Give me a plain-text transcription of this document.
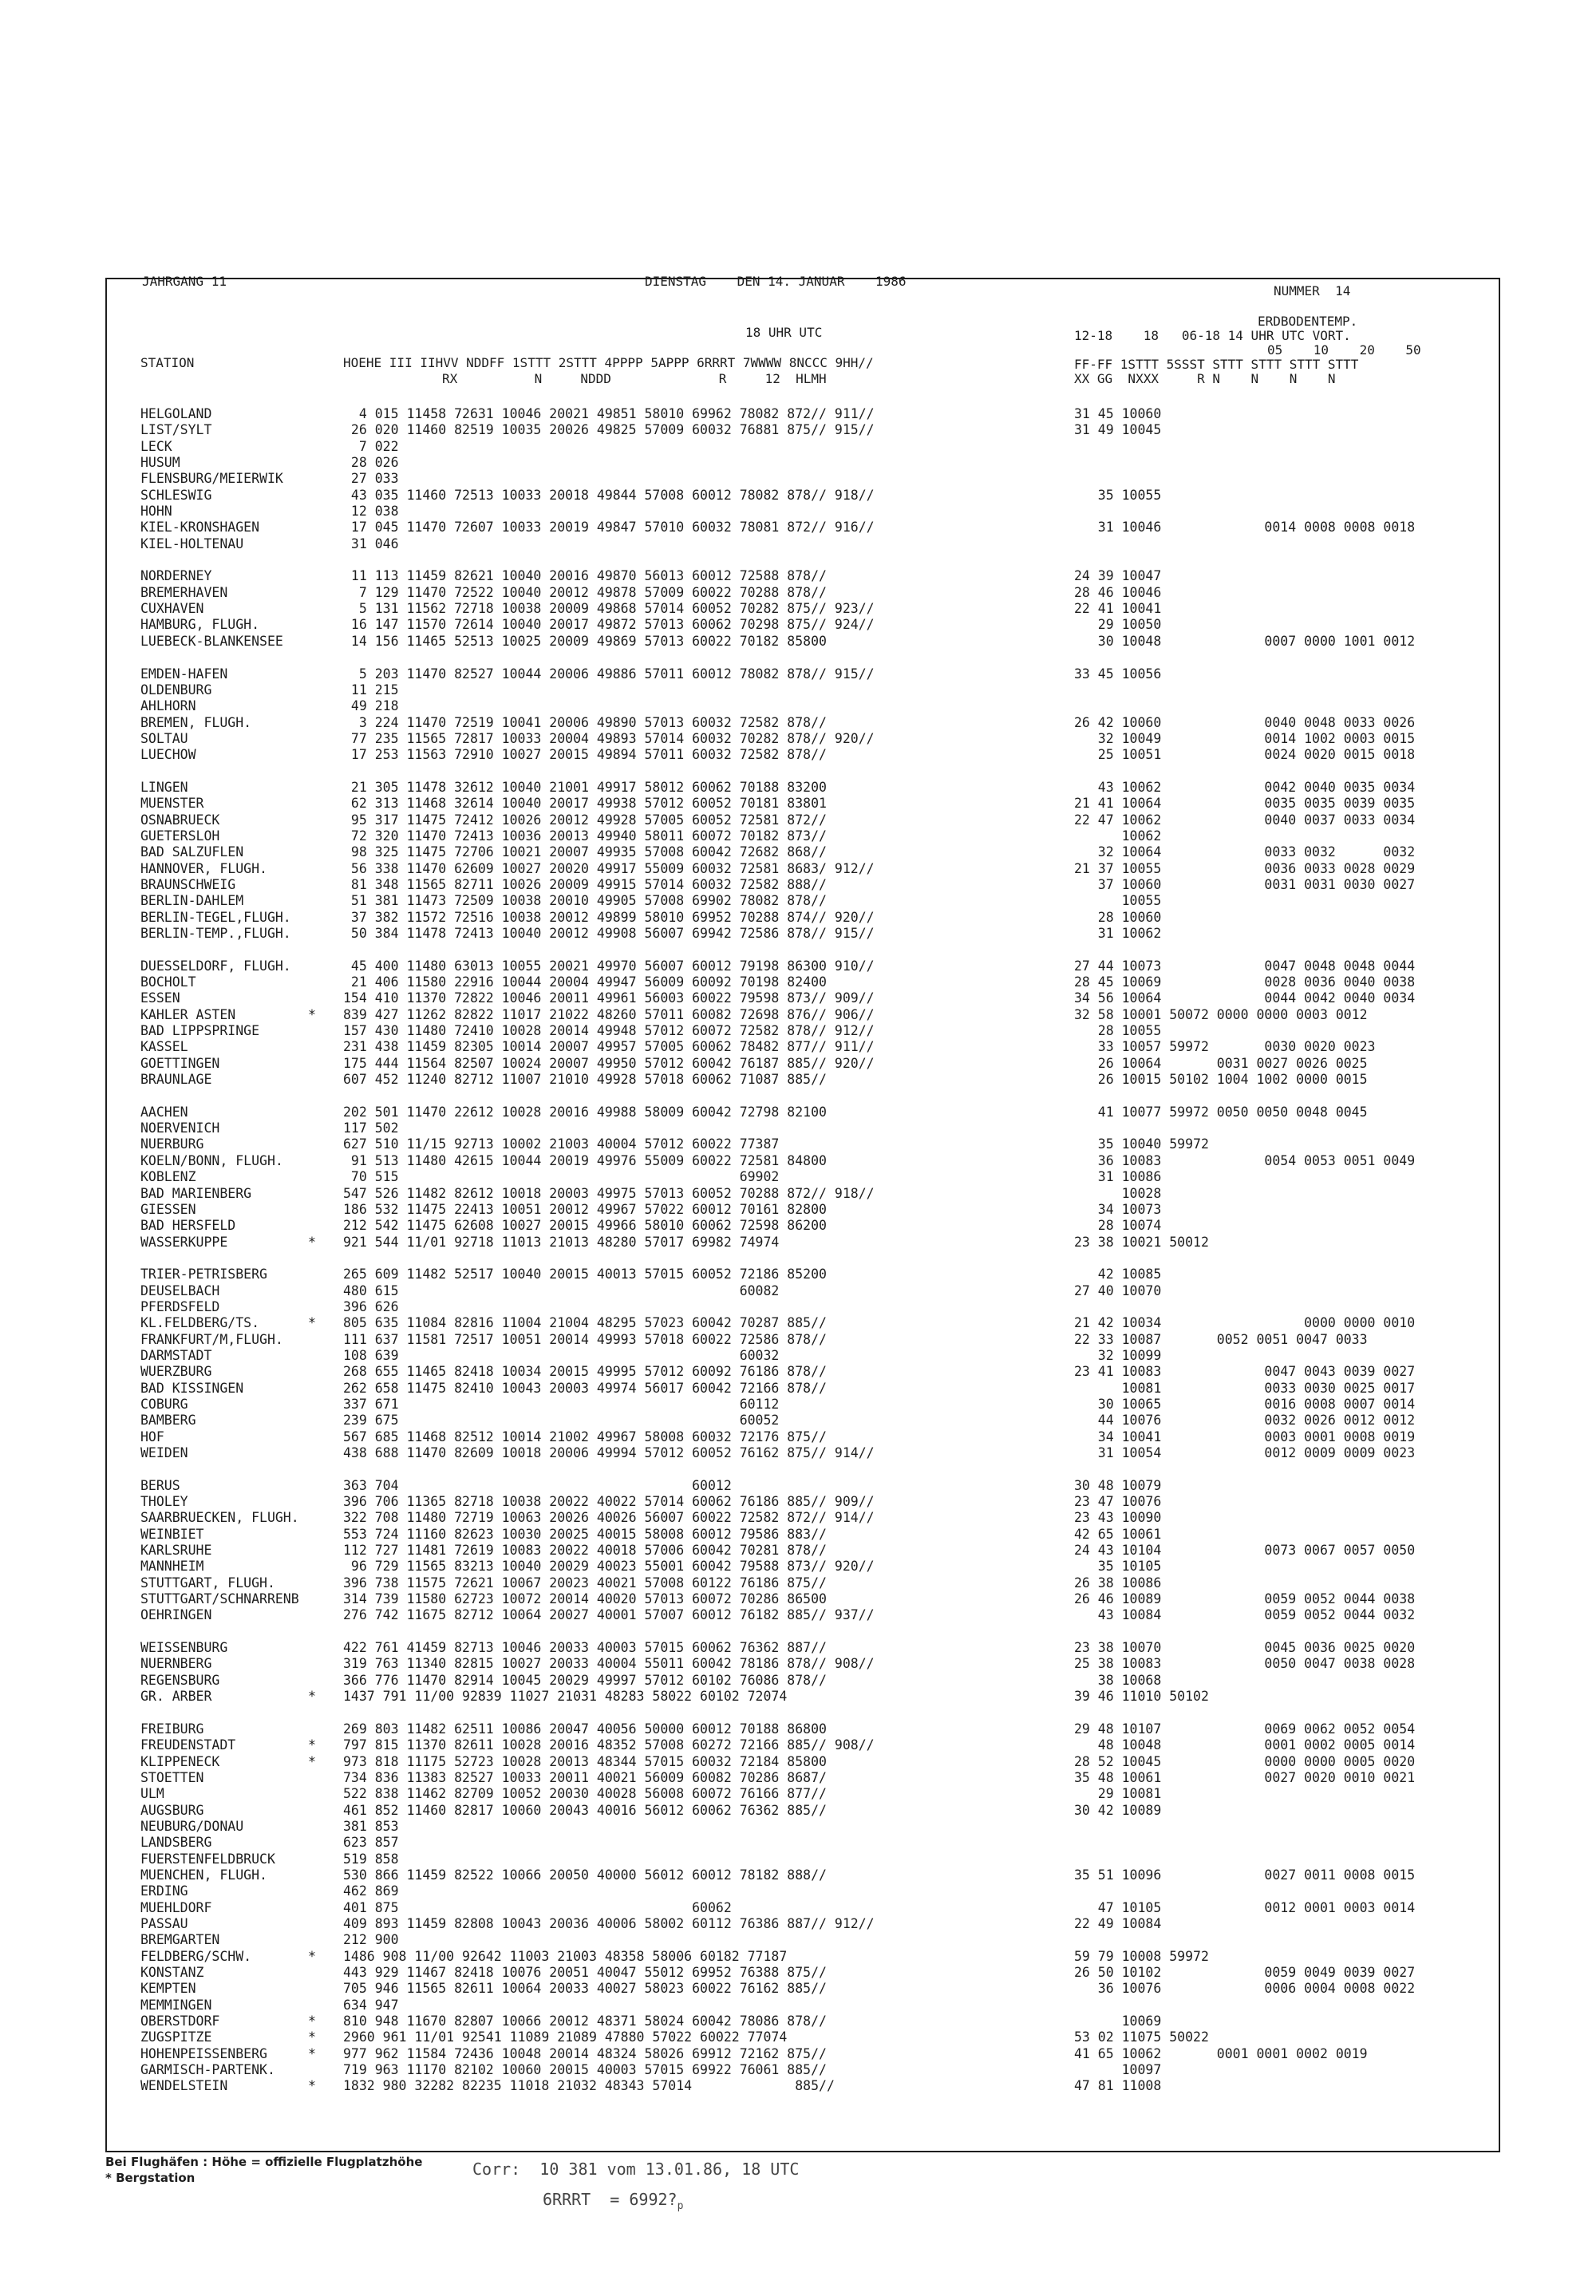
JAHRGANG 11	DIENSTAG    DEN 14. JANUAR    1986
NUMMER  14
ERDBODENTEMP.
18 UHR UTC	12-18    18   06-18 14 UHR UTC VORT.
05    10    20    50
STATION	HOEHE III IIHVV NDDFF 1STTT 2STTT 4PPPP 5APPP 6RRRT 7WWWW 8NCCC 9HH//
RX          N     NDDD              R     12  HLMH
FF-FF 1STTT 5SSST STTT STTT STTT STTT
XX GG  NXXX     R N    N    N    N
HELGOLAND	4 015 11458 72631 10046 20021 49851 58010 69962 78082 872// 911//	31 45 10060
LIST/SYLT	26 020 11460 82519 10035 20026 49825 57009 60032 76881 875// 915//	31 49 10045
LECK	7 022
HUSUM	28 026
FLENSBURG/MEIERWIK	27 033
SCHLESWIG	43 035 11460 72513 10033 20018 49844 57008 60012 78082 878// 918//	35 10055
HOHN	12 038
KIEL-KRONSHAGEN	17 045 11470 72607 10033 20019 49847 57010 60032 78081 872// 916//	31 10046             0014 0008 0008 0018
KIEL-HOLTENAU	31 046
NORDERNEY	11 113 11459 82621 10040 20016 49870 56013 60012 72588 878//	24 39 10047
BREMERHAVEN	7 129 11470 72522 10040 20012 49878 57009 60022 70288 878//	28 46 10046
CUXHAVEN	5 131 11562 72718 10038 20009 49868 57014 60052 70282 875// 923//	22 41 10041
HAMBURG, FLUGH.	16 147 11570 72614 10040 20017 49872 57013 60062 70298 875// 924//	29 10050
LUEBECK-BLANKENSEE	14 156 11465 52513 10025 20009 49869 57013 60022 70182 85800	30 10048             0007 0000 1001 0012
EMDEN-HAFEN	5 203 11470 82527 10044 20006 49886 57011 60012 78082 878// 915//	33 45 10056
OLDENBURG	11 215
AHLHORN	49 218
BREMEN, FLUGH.	3 224 11470 72519 10041 20006 49890 57013 60032 72582 878//	26 42 10060             0040 0048 0033 0026
SOLTAU	77 235 11565 72817 10033 20004 49893 57014 60032 70282 878// 920//	32 10049             0014 1002 0003 0015
LUECHOW	17 253 11563 72910 10027 20015 49894 57011 60032 72582 878//	25 10051             0024 0020 0015 0018
LINGEN	21 305 11478 32612 10040 21001 49917 58012 60062 70188 83200	43 10062             0042 0040 0035 0034
MUENSTER	62 313 11468 32614 10040 20017 49938 57012 60052 70181 83801	21 41 10064             0035 0035 0039 0035
OSNABRUECK	95 317 11475 72412 10026 20012 49928 57005 60052 72581 872//	22 47 10062             0040 0037 0033 0034
GUETERSLOH	72 320 11470 72413 10036 20013 49940 58011 60072 70182 873//	10062
BAD SALZUFLEN	98 325 11475 72706 10021 20007 49935 57008 60042 72682 868//	32 10064             0033 0032      0032
HANNOVER, FLUGH.	56 338 11470 62609 10027 20020 49917 55009 60032 72581 8683/ 912//	21 37 10055             0036 0033 0028 0029
BRAUNSCHWEIG	81 348 11565 82711 10026 20009 49915 57014 60032 72582 888//	37 10060             0031 0031 0030 0027
BERLIN-DAHLEM	51 381 11473 72509 10038 20010 49905 57008 69902 78082 878//	10055
BERLIN-TEGEL,FLUGH.	37 382 11572 72516 10038 20012 49899 58010 69952 70288 874// 920//	28 10060
BERLIN-TEMP.,FLUGH.	50 384 11478 72413 10040 20012 49908 56007 69942 72586 878// 915//	31 10062
DUESSELDORF, FLUGH.	45 400 11480 63013 10055 20021 49970 56007 60012 79198 86300 910//	27 44 10073             0047 0048 0048 0044
BOCHOLT	21 406 11580 22916 10044 20004 49947 56009 60092 70198 82400	28 45 10069             0028 0036 0040 0038
ESSEN	154 410 11370 72822 10046 20011 49961 56003 60022 79598 873// 909//	34 56 10064             0044 0042 0040 0034
KAHLER ASTEN	* 839 427 11262 82822 11017 21022 48260 57011 60082 72698 876// 906//	32 58 10001 50072 0000 0000 0003 0012
BAD LIPPSPRINGE	157 430 11480 72410 10028 20014 49948 57012 60072 72582 878// 912//	28 10055
KASSEL	231 438 11459 82305 10014 20007 49957 57005 60062 78482 877// 911//	33 10057 59972       0030 0020 0023
GOETTINGEN	175 444 11564 82507 10024 20007 49950 57012 60042 76187 885// 920//	26 10064       0031 0027 0026 0025
BRAUNLAGE	607 452 11240 82712 11007 21010 49928 57018 60062 71087 885//	26 10015 50102 1004 1002 0000 0015
AACHEN	202 501 11470 22612 10028 20016 49988 58009 60042 72798 82100	41 10077 59972 0050 0050 0048 0045
NOERVENICH	117 502
NUERBURG	627 510 11/15 92713 10002 21003 40004 57012 60022 77387	35 10040 59972
KOELN/BONN, FLUGH.	91 513 11480 42615 10044 20019 49976 55009 60022 72581 84800	36 10083             0054 0053 0051 0049
KOBLENZ	70 515                                           69902	31 10086
BAD MARIENBERG	547 526 11482 82612 10018 20003 49975 57013 60052 70288 872// 918//	10028
GIESSEN	186 532 11475 22413 10051 20012 49967 57022 60012 70161 82800	34 10073
BAD HERSFELD	212 542 11475 62608 10027 20015 49966 58010 60062 72598 86200	28 10074
WASSERKUPPE	* 921 544 11/01 92718 11013 21013 48280 57017 69982 74974	23 38 10021 50012
TRIER-PETRISBERG	265 609 11482 52517 10040 20015 40013 57015 60052 72186 85200	42 10085
DEUSELBACH	480 615                                           60082	27 40 10070
PFERDSFELD	396 626
KL.FELDBERG/TS.	* 805 635 11084 82816 11004 21004 48295 57023 60042 70287 885//	21 42 10034                  0000 0000 0010
FRANKFURT/M,FLUGH.	111 637 11581 72517 10051 20014 49993 57018 60022 72586 878//	22 33 10087       0052 0051 0047 0033
DARMSTADT	108 639                                           60032	32 10099
WUERZBURG	268 655 11465 82418 10034 20015 49995 57012 60092 76186 878//	23 41 10083             0047 0043 0039 0027
BAD KISSINGEN	262 658 11475 82410 10043 20003 49974 56017 60042 72166 878//	10081             0033 0030 0025 0017
COBURG	337 671                                           60112	30 10065             0016 0008 0007 0014
BAMBERG	239 675                                           60052	44 10076             0032 0026 0012 0012
HOF	567 685 11468 82512 10014 21002 49967 58008 60032 72176 875//	34 10041             0003 0001 0008 0019
WEIDEN	438 688 11470 82609 10018 20006 49994 57012 60052 76162 875// 914//	31 10054             0012 0009 0009 0023
BERUS	363 704                                     60012	30 48 10079
THOLEY	396 706 11365 82718 10038 20022 40022 57014 60062 76186 885// 909//	23 47 10076
SAARBRUECKEN, FLUGH.	322 708 11480 72719 10063 20026 40026 56007 60022 72582 872// 914//	23 43 10090
WEINBIET	553 724 11160 82623 10030 20025 40015 58008 60012 79586 883//	42 65 10061
KARLSRUHE	112 727 11481 72619 10083 20022 40018 57006 60042 70281 878//	24 43 10104             0073 0067 0057 0050
MANNHEIM	96 729 11565 83213 10040 20029 40023 55001 60042 79588 873// 920//	35 10105
STUTTGART, FLUGH.	396 738 11575 72621 10067 20023 40021 57008 60122 76186 875//	26 38 10086
STUTTGART/SCHNARRENB	314 739 11580 62723 10072 20014 40020 57013 60072 70286 86500	26 46 10089             0059 0052 0044 0038
OEHRINGEN	276 742 11675 82712 10064 20027 40001 57007 60012 76182 885// 937//	43 10084             0059 0052 0044 0032
WEISSENBURG	422 761 41459 82713 10046 20033 40003 57015 60062 76362 887//	23 38 10070             0045 0036 0025 0020
NUERNBERG	319 763 11340 82815 10027 20033 40004 55011 60042 78186 878// 908//	25 38 10083             0050 0047 0038 0028
REGENSBURG	366 776 11470 82914 10045 20029 49997 57012 60102 76086 878//	38 10068
GR. ARBER	* 1437 791 11/00 92839 11027 21031 48283 58022 60102 72074	39 46 11010 50102
FREIBURG	269 803 11482 62511 10086 20047 40056 50000 60012 70188 86800	29 48 10107             0069 0062 0052 0054
FREUDENSTADT	* 797 815 11370 82611 10028 20016 48352 57008 60272 72166 885// 908//	48 10048             0001 0002 0005 0014
KLIPPENECK	* 973 818 11175 52723 10028 20013 48344 57015 60032 72184 85800	28 52 10045             0000 0000 0005 0020
STOETTEN	734 836 11383 82527 10033 20011 40021 56009 60082 70286 8687/	35 48 10061             0027 0020 0010 0021
ULM	522 838 11462 82709 10052 20030 40028 56008 60072 76166 877//	29 10081
AUGSBURG	461 852 11460 82817 10060 20043 40016 56012 60062 76362 885//	30 42 10089
NEUBURG/DONAU	381 853
LANDSBERG	623 857
FUERSTENFELDBRUCK	519 858
MUENCHEN, FLUGH.	530 866 11459 82522 10066 20050 40000 56012 60012 78182 888//	35 51 10096             0027 0011 0008 0015
ERDING	462 869
MUEHLDORF	401 875                                     60062	47 10105             0012 0001 0003 0014
PASSAU	409 893 11459 82808 10043 20036 40006 58002 60112 76386 887// 912//	22 49 10084
BREMGARTEN	212 900
FELDBERG/SCHW.	* 1486 908 11/00 92642 11003 21003 48358 58006 60182 77187	59 79 10008 59972
KONSTANZ	443 929 11467 82418 10076 20051 40047 55012 69952 76388 875//	26 50 10102             0059 0049 0039 0027
KEMPTEN	705 946 11565 82611 10064 20033 40027 58023 60022 76162 885//	36 10076             0006 0004 0008 0022
MEMMINGEN	634 947
OBERSTDORF	* 810 948 11670 82807 10066 20012 48371 58024 60042 78086 878//	10069
ZUGSPITZE	* 2960 961 11/01 92541 11089 21089 47880 57022 60022 77074	53 02 11075 50022
HOHENPEISSENBERG	* 977 962 11584 72436 10048 20014 48324 58026 69912 72162 875//	41 65 10062       0001 0001 0002 0019
GARMISCH-PARTENK.	719 963 11170 82102 10060 20015 40003 57015 69922 76061 885//	10097
WENDELSTEIN	* 1832 980 32282 82235 11018 21032 48343 57014             885//	47 81 11008
Bei Flughäfen : Höhe = offizielle Flugplatzhöhe
* Bergstation	Corr:  10 381 vom 13.01.86, 18 UTC
6RRRT  = $6992?_p$
